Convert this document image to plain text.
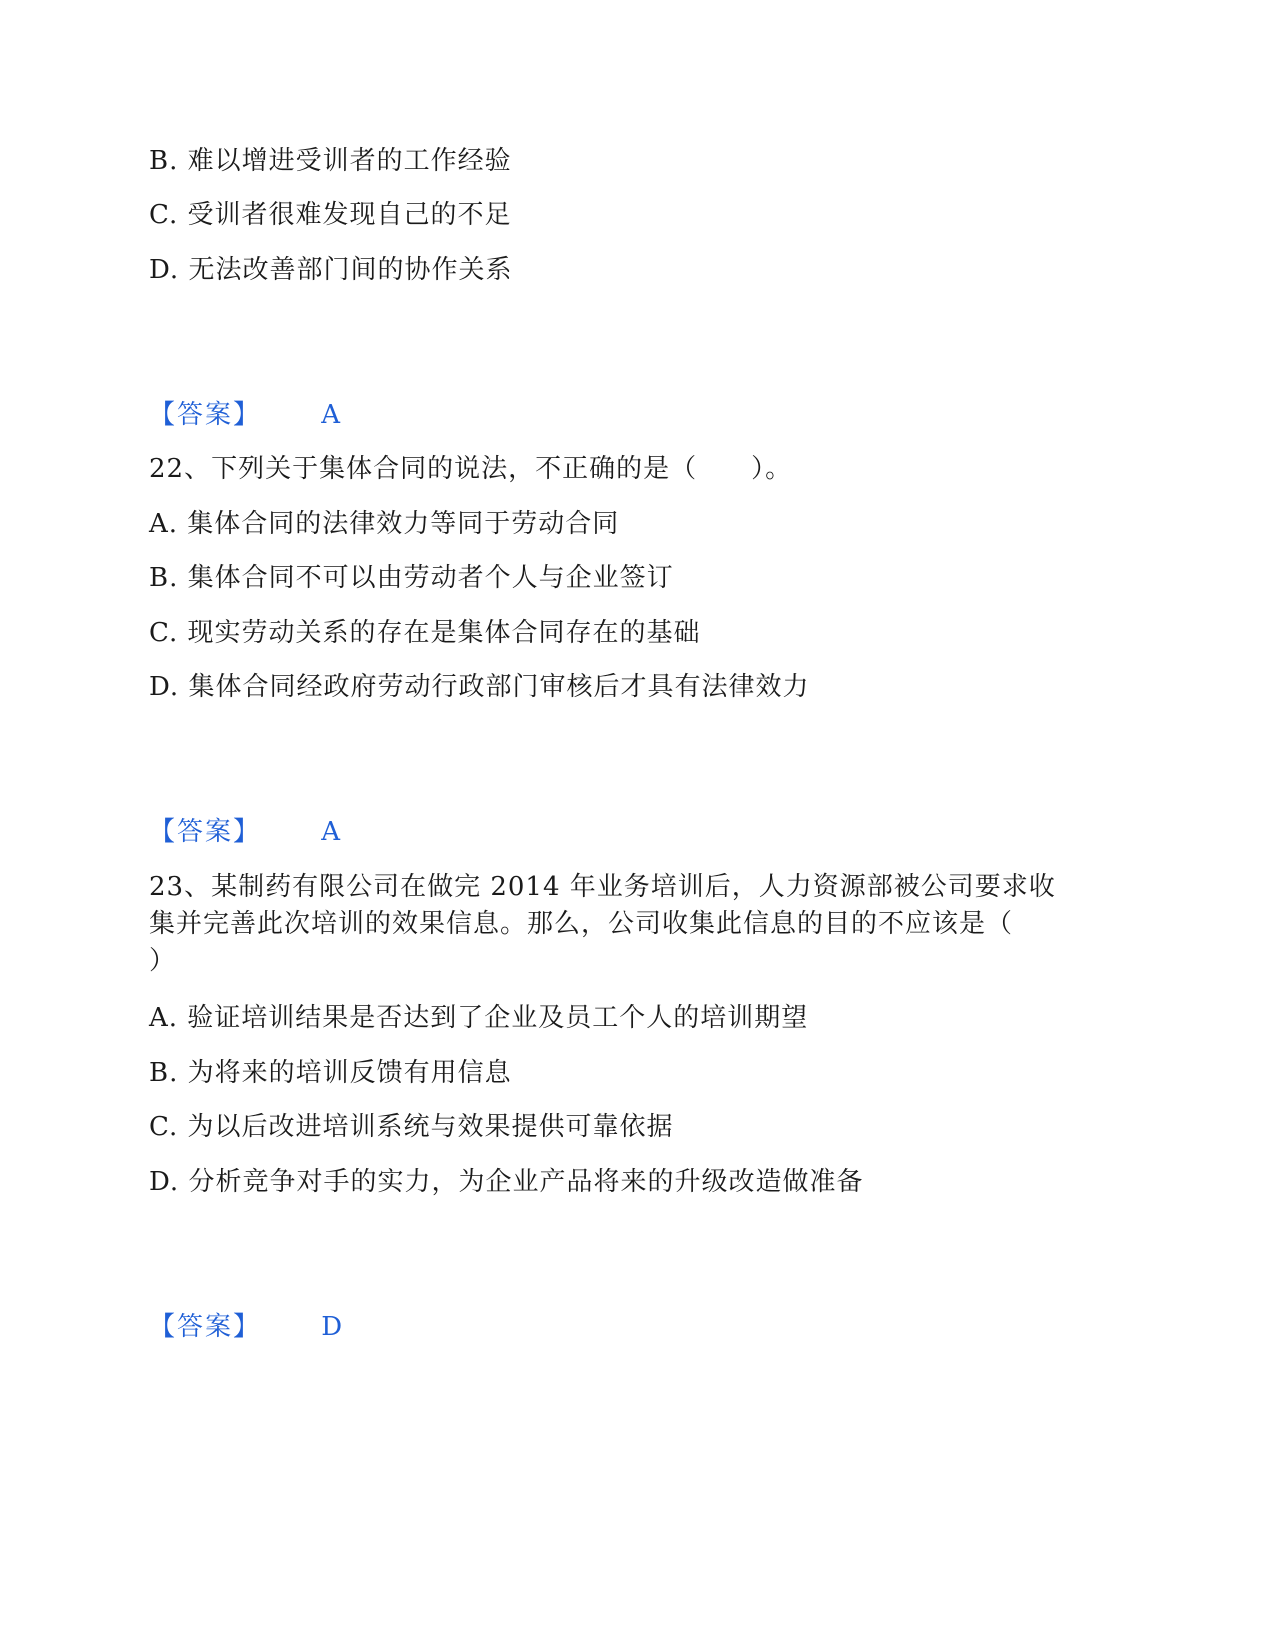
B. 难以增进受训者的工作经验
C. 受训者很难发现自己的不足
D. 无法改善部门间的协作关系
【答案】 A
22、下列关于集体合同的说法，不正确的是（　　）。
A. 集体合同的法律效力等同于劳动合同
B. 集体合同不可以由劳动者个人与企业签订
C. 现实劳动关系的存在是集体合同存在的基础
D. 集体合同经政府劳动行政部门审核后才具有法律效力
【答案】 A
23、某制药有限公司在做完 2014 年业务培训后，人力资源部被公司要求收
集并完善此次培训的效果信息。那么，公司收集此信息的目的不应该是（
）
A. 验证培训结果是否达到了企业及员工个人的培训期望
B. 为将来的培训反馈有用信息
C. 为以后改进培训系统与效果提供可靠依据
D. 分析竞争对手的实力，为企业产品将来的升级改造做准备
【答案】 D
